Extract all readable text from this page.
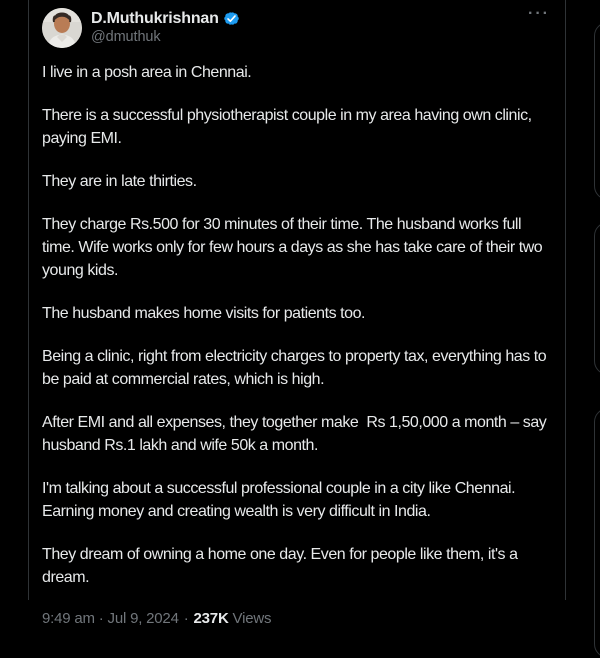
D.Muthukrishnan
@dmuthuk
···

I live in a posh area in Chennai.

There is a successful physiotherapist couple in my area having own clinic, paying EMI.

They are in late thirties.

They charge Rs.500 for 30 minutes of their time. The husband works full time. Wife works only for few hours a days as she has take care of their two young kids.

The husband makes home visits for patients too.

Being a clinic, right from electricity charges to property tax, everything has to be paid at commercial rates, which is high.

After EMI and all expenses, they together make  Rs 1,50,000 a month – say husband Rs.1 lakh and wife 50k a month.

I'm talking about a successful professional couple in a city like Chennai. Earning money and creating wealth is very difficult in India.

They dream of owning a home one day. Even for people like them, it's a dream.

9:49 am · Jul 9, 2024 · 237K Views
